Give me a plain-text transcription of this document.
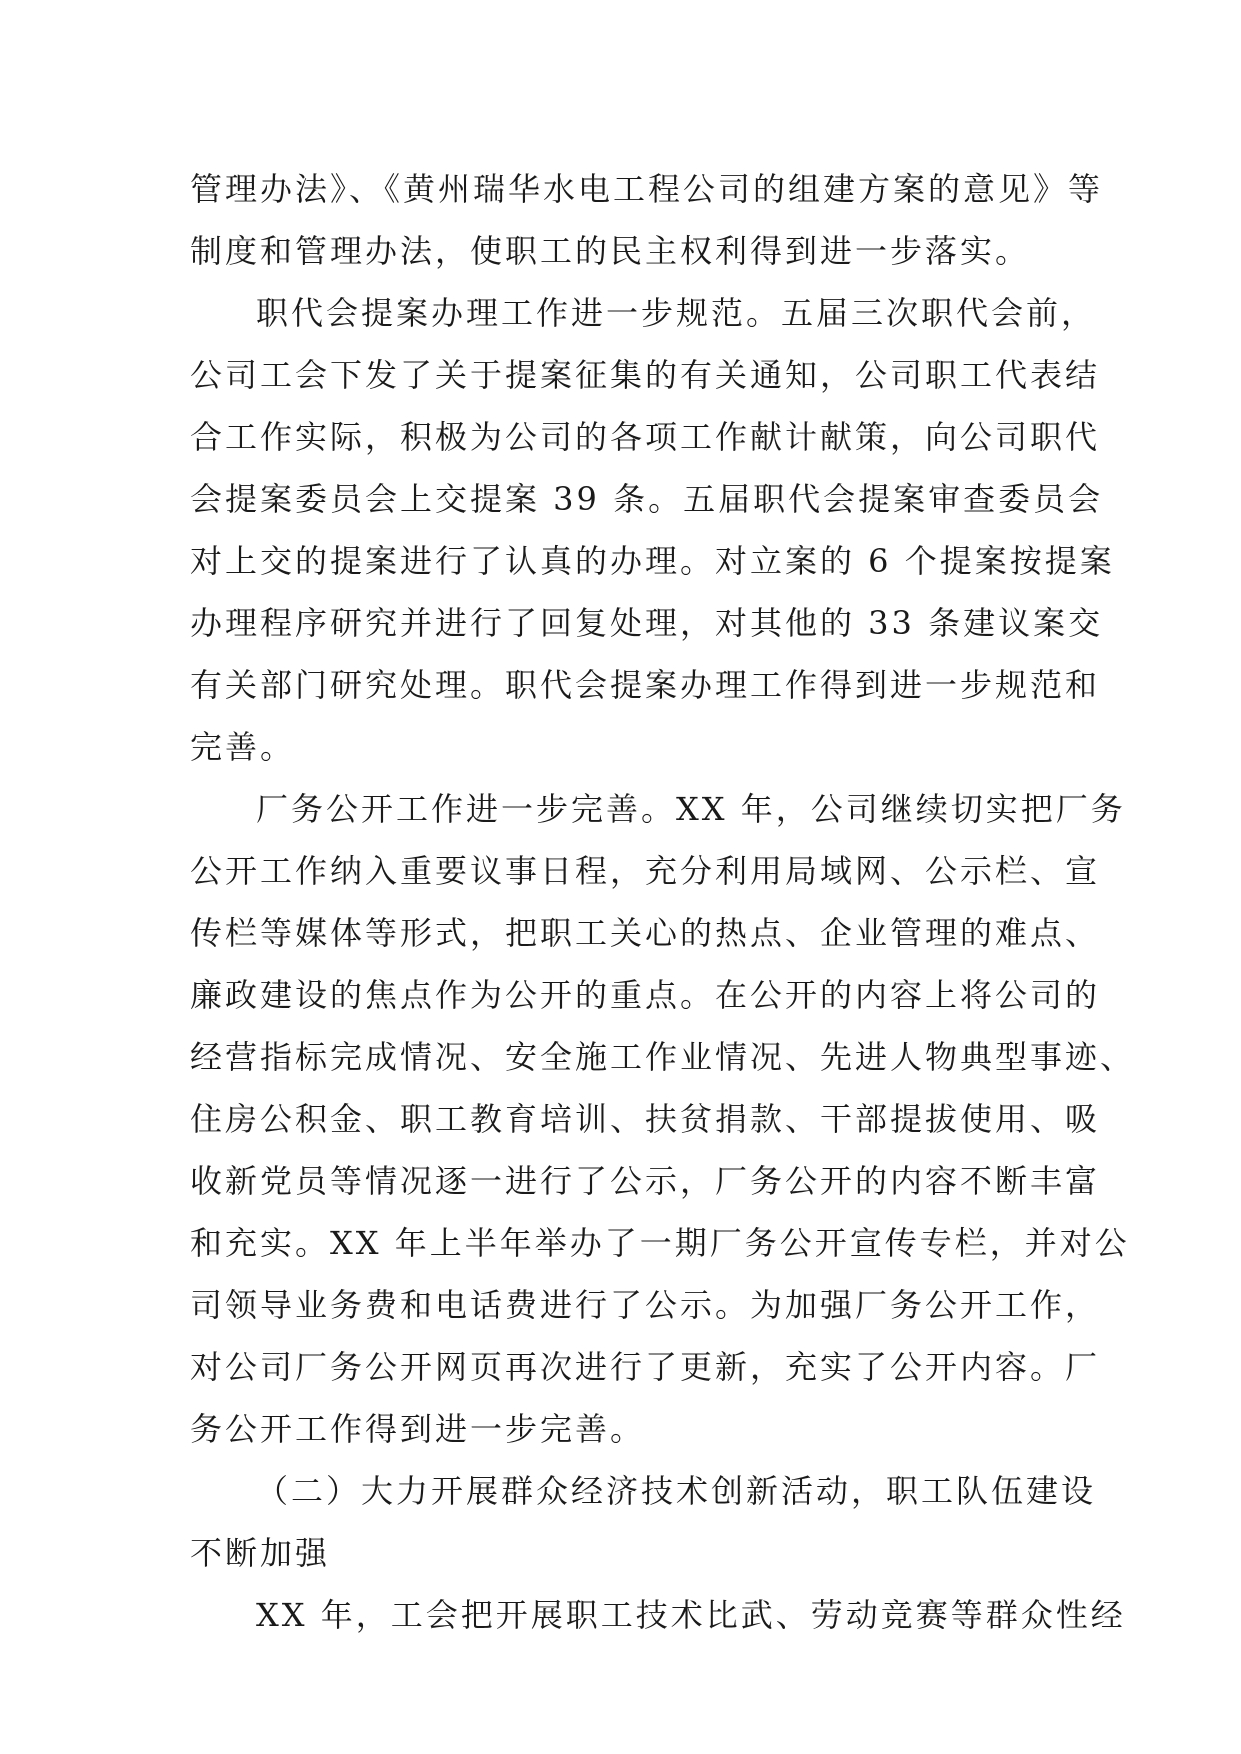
管理办法》、《黄州瑞华水电工程公司的组建方案的意见》等
制度和管理办法，使职工的民主权利得到进一步落实。
职代会提案办理工作进一步规范。五届三次职代会前，
公司工会下发了关于提案征集的有关通知，公司职工代表结
合工作实际，积极为公司的各项工作献计献策，向公司职代
会提案委员会上交提案 39 条。五届职代会提案审查委员会
对上交的提案进行了认真的办理。对立案的 6 个提案按提案
办理程序研究并进行了回复处理，对其他的 33 条建议案交
有关部门研究处理。职代会提案办理工作得到进一步规范和
完善。
厂务公开工作进一步完善。XX 年，公司继续切实把厂务
公开工作纳入重要议事日程，充分利用局域网、公示栏、宣
传栏等媒体等形式，把职工关心的热点、企业管理的难点、
廉政建设的焦点作为公开的重点。在公开的内容上将公司的
经营指标完成情况、安全施工作业情况、先进人物典型事迹、
住房公积金、职工教育培训、扶贫捐款、干部提拔使用、吸
收新党员等情况逐一进行了公示，厂务公开的内容不断丰富
和充实。XX 年上半年举办了一期厂务公开宣传专栏，并对公
司领导业务费和电话费进行了公示。为加强厂务公开工作，
对公司厂务公开网页再次进行了更新，充实了公开内容。厂
务公开工作得到进一步完善。
（二）大力开展群众经济技术创新活动，职工队伍建设
不断加强
XX 年，工会把开展职工技术比武、劳动竞赛等群众性经
